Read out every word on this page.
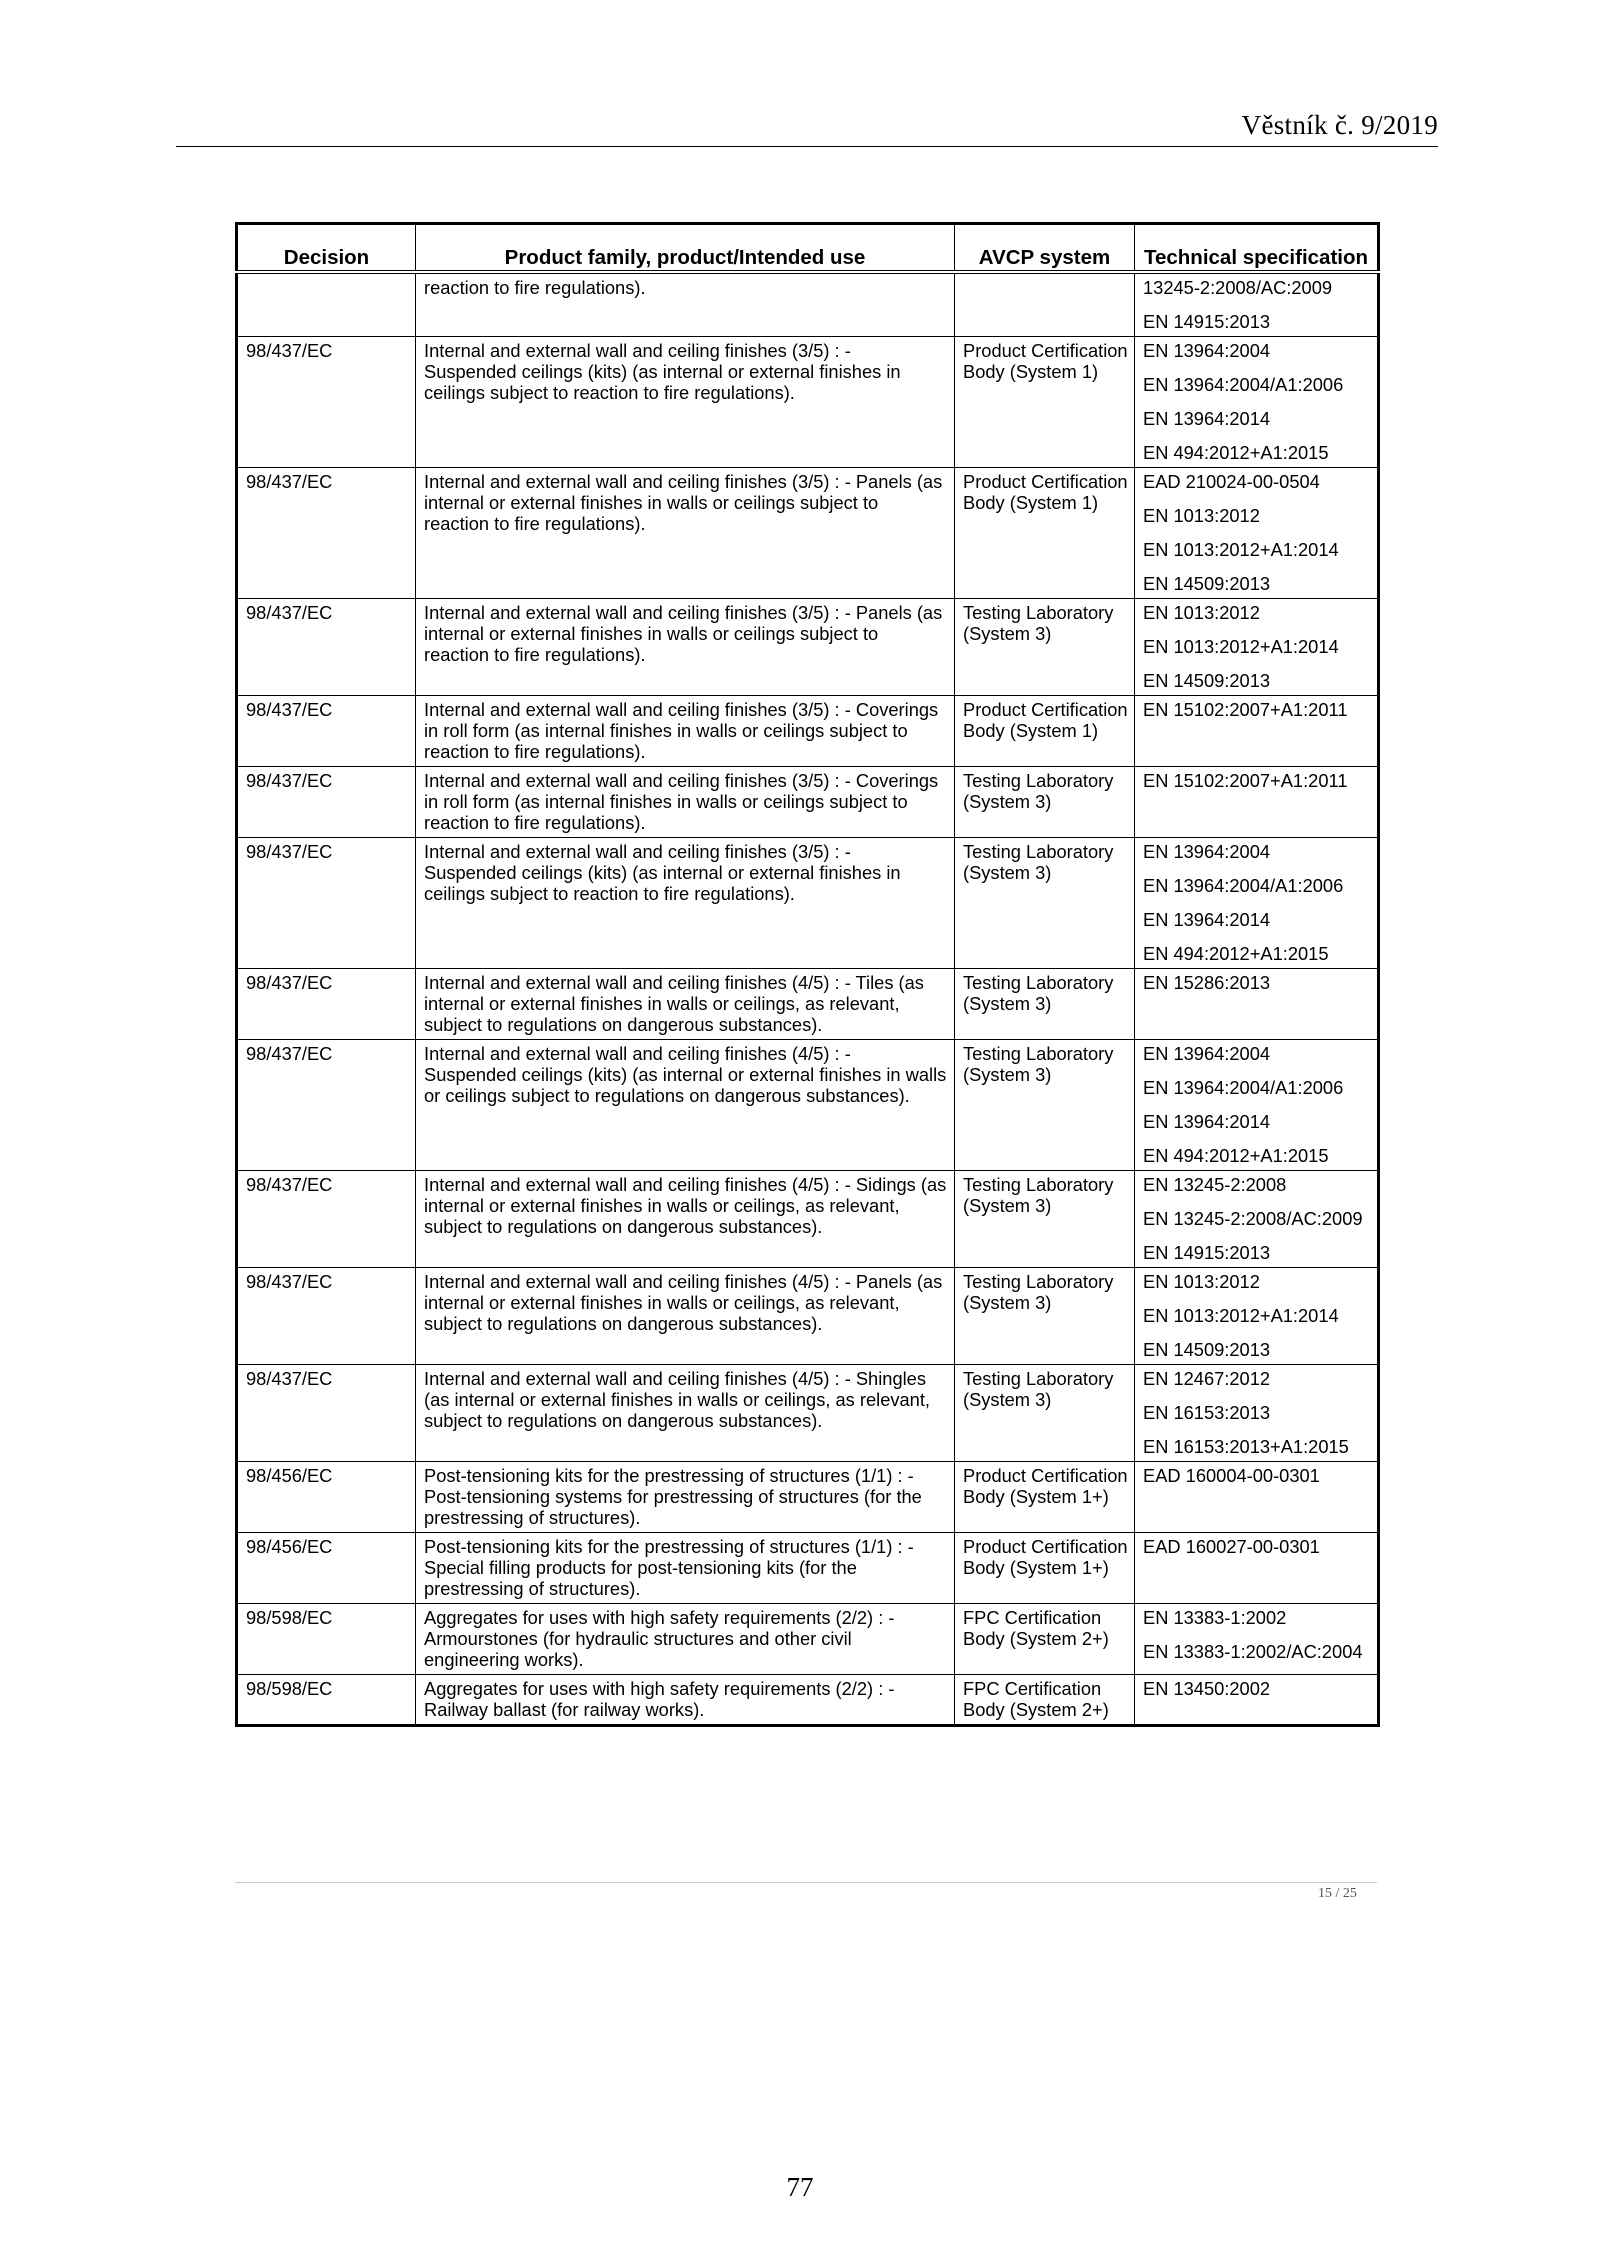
Věstník č. 9/2019
Decision	Product family, product/Intended use	AVCP system	Technical specification
	reaction to fire regulations).		13245-2:2008/AC:2009
EN 14915:2013

98/437/EC	Internal and external wall and ceiling finishes (3/5) : - Suspended ceilings (kits) (as internal or external finishes in ceilings subject to reaction to fire regulations).	Product Certification Body (System 1)	EN 13964:2004
EN 13964:2004/A1:2006
EN 13964:2014
EN 494:2012+A1:2015

98/437/EC	Internal and external wall and ceiling finishes (3/5) : - Panels (as internal or external finishes in walls or ceilings subject to reaction to fire regulations).	Product Certification Body (System 1)	EAD 210024-00-0504
EN 1013:2012
EN 1013:2012+A1:2014
EN 14509:2013

98/437/EC	Internal and external wall and ceiling finishes (3/5) : - Panels (as internal or external finishes in walls or ceilings subject to reaction to fire regulations).	Testing Laboratory (System 3)	EN 1013:2012
EN 1013:2012+A1:2014
EN 14509:2013

98/437/EC	Internal and external wall and ceiling finishes (3/5) : - Coverings in roll form (as internal finishes in walls or ceilings subject to reaction to fire regulations).	Product Certification Body (System 1)	EN 15102:2007+A1:2011

98/437/EC	Internal and external wall and ceiling finishes (3/5) : - Coverings in roll form (as internal finishes in walls or ceilings subject to reaction to fire regulations).	Testing Laboratory (System 3)	EN 15102:2007+A1:2011

98/437/EC	Internal and external wall and ceiling finishes (3/5) : - Suspended ceilings (kits) (as internal or external finishes in ceilings subject to reaction to fire regulations).	Testing Laboratory (System 3)	EN 13964:2004
EN 13964:2004/A1:2006
EN 13964:2014
EN 494:2012+A1:2015

98/437/EC	Internal and external wall and ceiling finishes (4/5) : - Tiles (as internal or external finishes in walls or ceilings, as relevant, subject to regulations on dangerous substances).	Testing Laboratory (System 3)	EN 15286:2013

98/437/EC	Internal and external wall and ceiling finishes (4/5) : - Suspended ceilings (kits) (as internal or external finishes in walls or ceilings subject to regulations on dangerous substances).	Testing Laboratory (System 3)	EN 13964:2004
EN 13964:2004/A1:2006
EN 13964:2014
EN 494:2012+A1:2015

98/437/EC	Internal and external wall and ceiling finishes (4/5) : - Sidings (as internal or external finishes in walls or ceilings, as relevant, subject to regulations on dangerous substances).	Testing Laboratory (System 3)	EN 13245-2:2008
EN 13245-2:2008/AC:2009
EN 14915:2013

98/437/EC	Internal and external wall and ceiling finishes (4/5) : - Panels (as internal or external finishes in walls or ceilings, as relevant, subject to regulations on dangerous substances).	Testing Laboratory (System 3)	EN 1013:2012
EN 1013:2012+A1:2014
EN 14509:2013

98/437/EC	Internal and external wall and ceiling finishes (4/5) : - Shingles (as internal or external finishes in walls or ceilings, as relevant, subject to regulations on dangerous substances).	Testing Laboratory (System 3)	EN 12467:2012
EN 16153:2013
EN 16153:2013+A1:2015

98/456/EC	Post-tensioning kits for the prestressing of structures (1/1) : - Post-tensioning systems for prestressing of structures (for the prestressing of structures).	Product Certification Body (System 1+)	EAD 160004-00-0301

98/456/EC	Post-tensioning kits for the prestressing of structures (1/1) : - Special filling products for post-tensioning kits (for the prestressing of structures).	Product Certification Body (System 1+)	EAD 160027-00-0301

98/598/EC	Aggregates for uses with high safety requirements (2/2) : - Armourstones (for hydraulic structures and other civil engineering works).	FPC Certification Body (System 2+)	EN 13383-1:2002
EN 13383-1:2002/AC:2004

98/598/EC	Aggregates for uses with high safety requirements (2/2) : - Railway ballast (for railway works).	FPC Certification Body (System 2+)	EN 13450:2002
15 / 25
77
